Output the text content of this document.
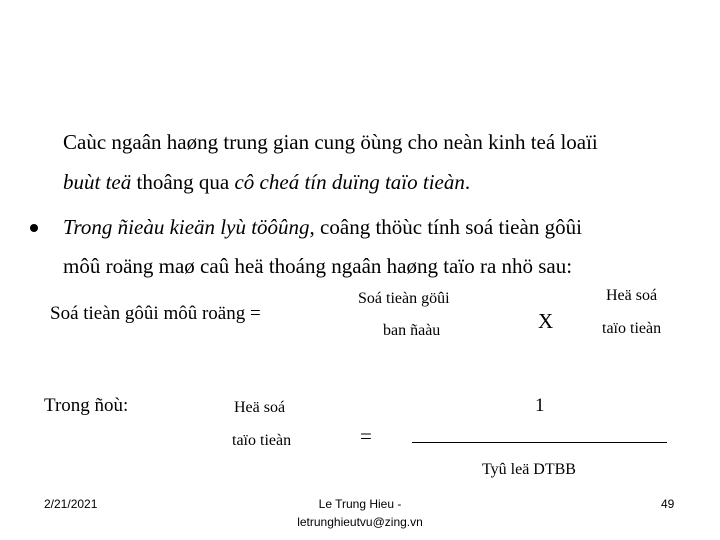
Caùc ngaân haøng trung gian cung öùng cho neàn kinh teá loaïi
buùt teä thoâng qua cô cheá tín duïng taïo tieàn.
Trong ñieàu kieän lyù töôûng, coâng thöùc tính soá tieàn gôûi
môû roäng maø caû heä thoáng ngaân haøng taïo ra nhö sau:
Soá tieàn gôûi môû roäng =
Soá tieàn göûi
ban ñaàu	X
Heä soá
taïo tieàn
Trong ñoù:	Heä soá
taïo tieàn	=
1
Tyû leä DTBB
2/21/2021	Le Trung Hieu -
letrunghieutvu@zing.vn
49
